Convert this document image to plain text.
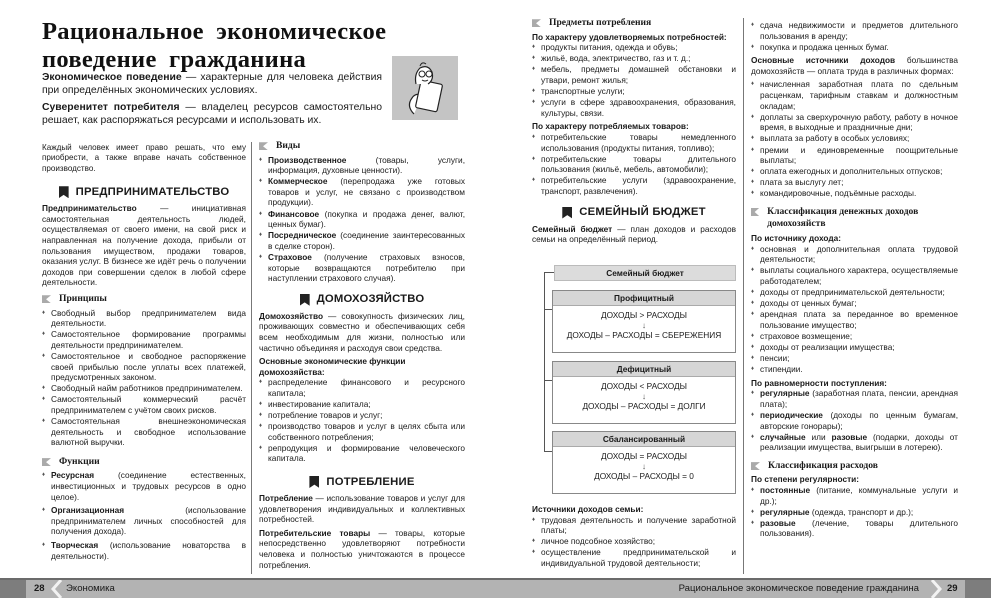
Рациональное экономическое
поведение гражданина
Экономическое поведение — характерные для человека действия при определённых экономических условиях.
Суверенитет потребителя — владелец ресурсов самостоятельно решает, как распоряжаться ресурсами и использовать их.

Каждый человек имеет право решать, что ему приобрести, а также вправе начать собственное производство.

ПРЕДПРИНИМАТЕЛЬСТВО

Предпринимательство — инициативная самостоятельная деятельность людей, осуществляемая от своего имени, на свой риск и направленная на получение дохода, прибыли от пользования имуществом, продажи товаров, оказания услуг. В бизнесе же идёт речь о получении доходов при совершении сделок в любой сфере деятельности.

Принципы
♦ Свободный выбор предпринимателем вида деятельности.
♦ Самостоятельное формирование программы деятельности предпринимателем.
♦ Самостоятельное и свободное распоряжение своей прибылью после уплаты всех платежей, предусмотренных законом.
♦ Свободный найм работников предпринимателем.
♦ Самостоятельный коммерческий расчёт предпринимателем с учётом своих рисков.
♦ Самостоятельная внешнеэкономическая деятельность и свободное использование валютной выручки.
Функции
♦ Ресурсная (соединение естественных, инвестиционных и трудовых ресурсов в одно целое).
♦ Организационная (использование предпринимателем личных способностей для получения дохода).
♦ Творческая (использование новаторства в деятельности).
Виды
♦ Производственное (товары, услуги, информация, духовные ценности).
♦ Коммерческое (перепродажа уже готовых товаров и услуг, не связано с производством продукции).
♦ Финансовое (покупка и продажа денег, валют, ценных бумаг).
♦ Посредническое (соединение заинтересованных в сделке сторон).
♦ Страховое (получение страховых взносов, которые возвращаются потребителю при наступлении страхового случая).
ДОМОХОЗЯЙСТВО

Домохозяйство — совокупность физических лиц, проживающих совместно и обеспечивающих себя всем необходимым для жизни, полностью или частично объединяя и расходуя свои средства.

Основные экономические функции домохозяйства:
♦ распределение финансового и ресурсного капитала;
♦ инвестирование капитала;
♦ потребление товаров и услуг;
♦ производство товаров и услуг в целях сбыта или собственного потребления;
♦ репродукция и формирование человеческого капитала.
ПОТРЕБЛЕНИЕ

Потребление — использование товаров и услуг для удовлетворения индивидуальных и коллективных потребностей.

Потребительские товары — товары, которые непосредственно удовлетворяют потребности человека и полностью уничтожаются в процессе потребления.

Предметы потребления
По характеру удовлетворяемых потребностей:
♦ продукты питания, одежда и обувь;
♦ жильё, вода, электричество, газ и т. д.;
♦ мебель, предметы домашней обстановки и утвари, ремонт жилья;
♦ транспортные услуги;
♦ услуги в сфере здравоохранения, образования, культуры, связи.
По характеру потребляемых товаров:
♦ потребительские товары немедленного использования (продукты питания, топливо);
♦ потребительские товары длительного пользования (жильё, мебель, автомобили);
♦ потребительские услуги (здравоохранение, транспорт, развлечения).
СЕМЕЙНЫЙ БЮДЖЕТ

Семейный бюджет — план доходов и расходов семьи на определённый период.

Семейный бюджет
Профицитный
ДОХОДЫ > РАСХОДЫ
↓
ДОХОДЫ – РАСХОДЫ = СБЕРЕЖЕНИЯ
Дефицитный
ДОХОДЫ < РАСХОДЫ
↓
ДОХОДЫ – РАСХОДЫ = ДОЛГИ
Сбалансированный
ДОХОДЫ = РАСХОДЫ
↓
ДОХОДЫ – РАСХОДЫ = 0
Источники доходов семьи:
♦ трудовая деятельность и получение заработной платы;
♦ личное подсобное хозяйство;
♦ осуществление предпринимательской и индивидуальной трудовой деятельности;
♦ сдача недвижимости и предметов длительного пользования в аренду;
♦ покупка и продажа ценных бумаг.

Основные источники доходов большинства домохозяйств — оплата труда в различных формах:

♦ начисленная заработная плата по сдельным расценкам, тарифным ставкам и должностным окладам;
♦ доплаты за сверхурочную работу, работу в ночное время, в выходные и праздничные дни;
♦ выплата за работу в особых условиях;
♦ премии и единовременные поощрительные выплаты;
♦ оплата ежегодных и дополнительных отпусков;
♦ плата за выслугу лет;
♦ командировочные, подъёмные расходы.
Классификация денежных доходов домохозяйств
По источнику дохода:
♦ основная и дополнительная оплата трудовой деятельности;
♦ выплаты социального характера, осуществляемые работодателем;
♦ доходы от предпринимательской деятельности;
♦ доходы от ценных бумаг;
♦ арендная плата за переданное во временное пользование имущество;
♦ страховое возмещение;
♦ доходы от реализации имущества;
♦ пенсии;
♦ стипендии.
По равномерности поступления:
♦ регулярные (заработная плата, пенсии, арендная плата);
♦ периодические (доходы по ценным бумагам, авторские гонорары);
♦ случайные или разовые (подарки, доходы от реализации имущества, выигрыши в лотерею).
Классификация расходов
По степени регулярности:
♦ постоянные (питание, коммунальные услуги и др.);
♦ регулярные (одежда, транспорт и др.);
♦ разовые (лечение, товары длительного пользования).
28 Экономика	Рациональное экономическое поведение гражданина	29
